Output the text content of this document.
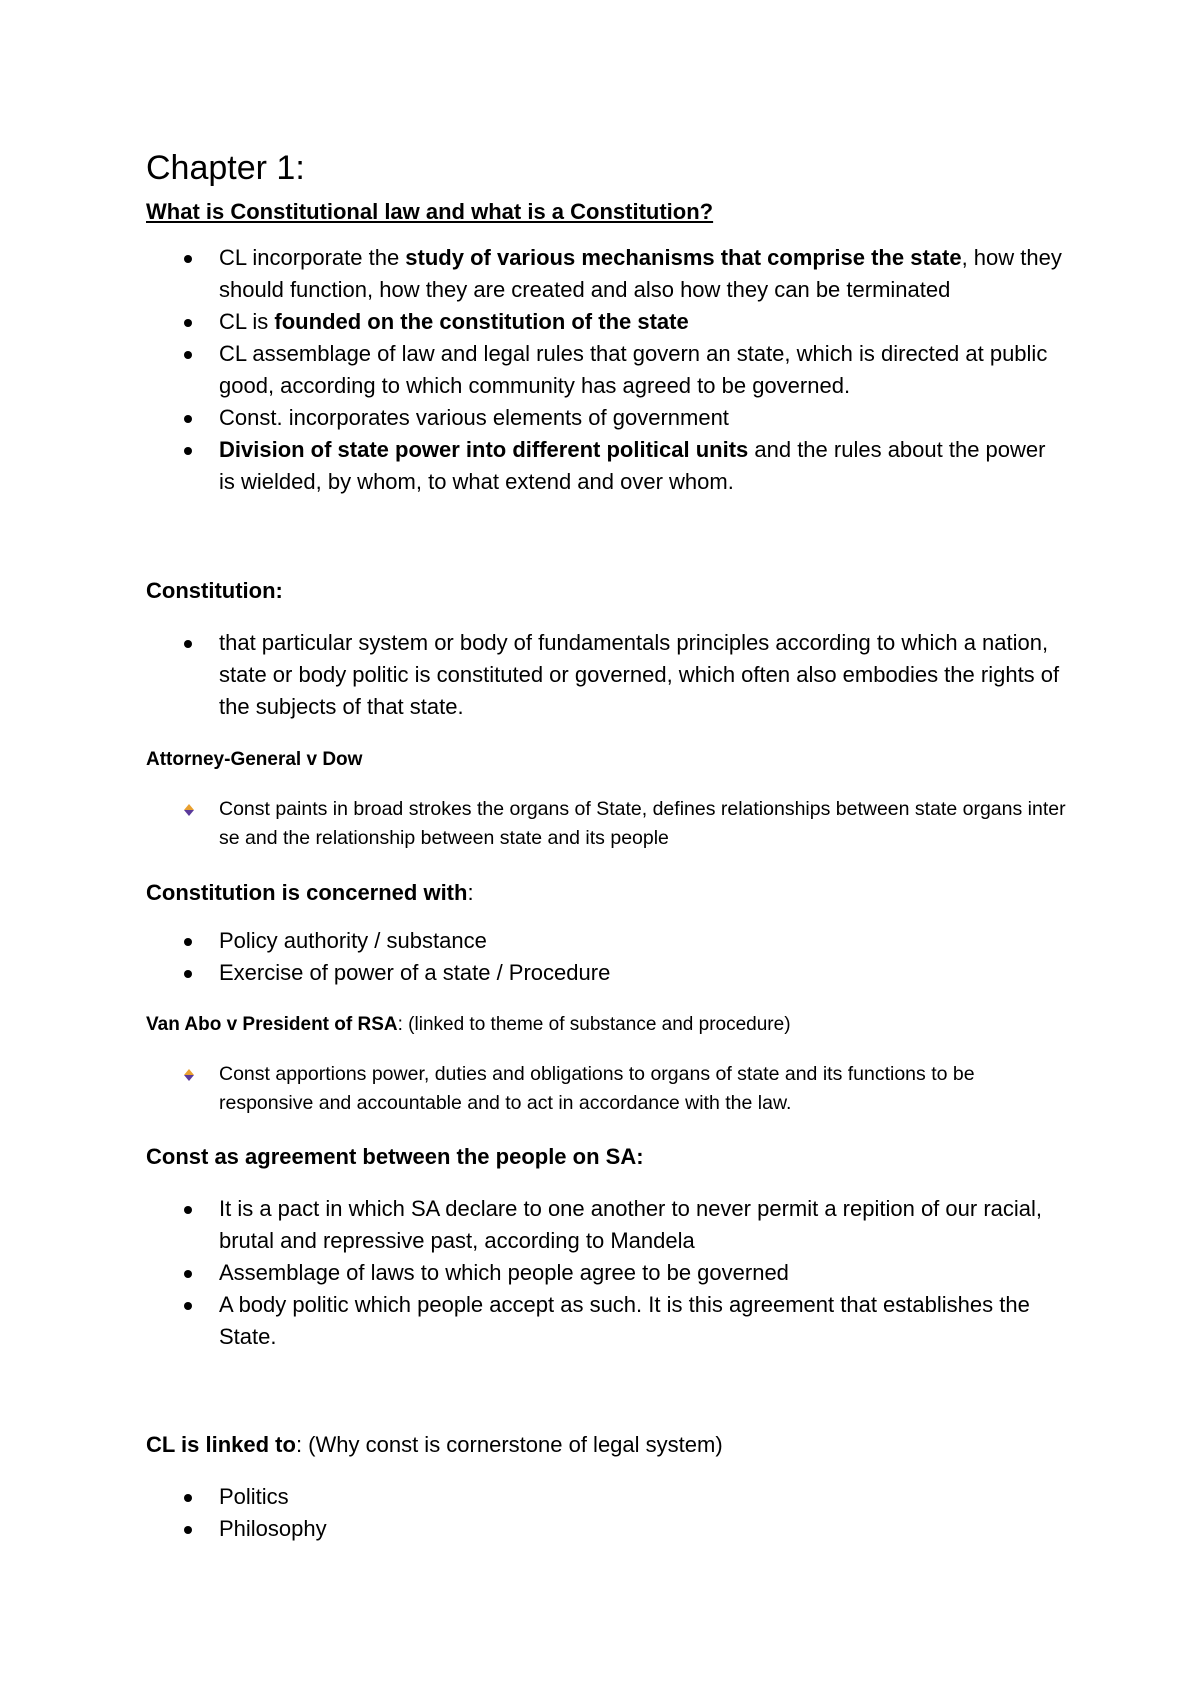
Chapter 1:
What is Constitutional law and what is a Constitution?
CL incorporate the study of various mechanisms that comprise the state, how they should function, how they are created and also how they can be terminated
CL is founded on the constitution of the state
CL assemblage of law and legal rules that govern an state, which is directed at public good, according to which community has agreed to be governed.
Const. incorporates various elements of government
Division of state power into different political units and the rules about the power is wielded, by whom, to what extend and over whom.
Constitution:
that particular system or body of fundamentals principles according to which a nation, state or body politic is constituted or governed, which often also embodies the rights of the subjects of that state.

Attorney-General v Dow

Const paints in broad strokes the organs of State, defines relationships between state organs inter se and the relationship between state and its people
Constitution is concerned with:
Policy authority / substance
Exercise of power of a state / Procedure

Van Abo v President of RSA: (linked to theme of substance and procedure)

Const apportions power, duties and obligations to organs of state and its functions to be responsive and accountable and to act in accordance with the law.
Const as agreement between the people on SA:
It is a pact in which SA declare to one another to never permit a repition of our racial, brutal and repressive past, according to Mandela
Assemblage of laws to which people agree to be governed
A body politic which people accept as such. It is this agreement that establishes the State.
CL is linked to: (Why const is cornerstone of legal system)
Politics
Philosophy
